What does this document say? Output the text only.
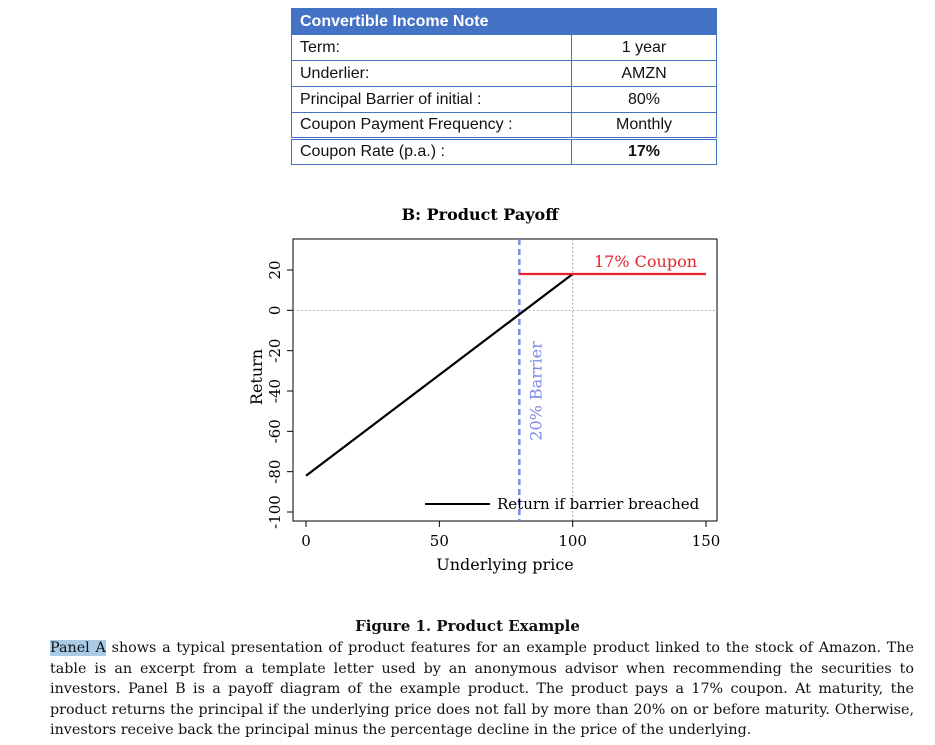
Convertible Income Note	
Term:	1 year
Underlier:	AMZN
Principal Barrier of initial :	80%
Coupon Payment Frequency :	Monthly
Coupon Rate (p.a.) :	17%
B: Product Payoff
0	50	100	150
-100
-80
-60
-40
-20
0
20	17% Coupon
20% Barrier
Return if barrier breached
Underlying price
Return
Figure 1. Product Example
Panel A shows a typical presentation of product features for an example product linked to the stock of Amazon. The table is an excerpt from a template letter used by an anonymous advisor when recommending the securities to investors. Panel B is a payoff diagram of the example product. The product pays a 17% coupon. At maturity, the product returns the principal if the underlying price does not fall by more than 20% on or before maturity. Otherwise, investors receive back the principal minus the percentage decline in the price of the underlying.
